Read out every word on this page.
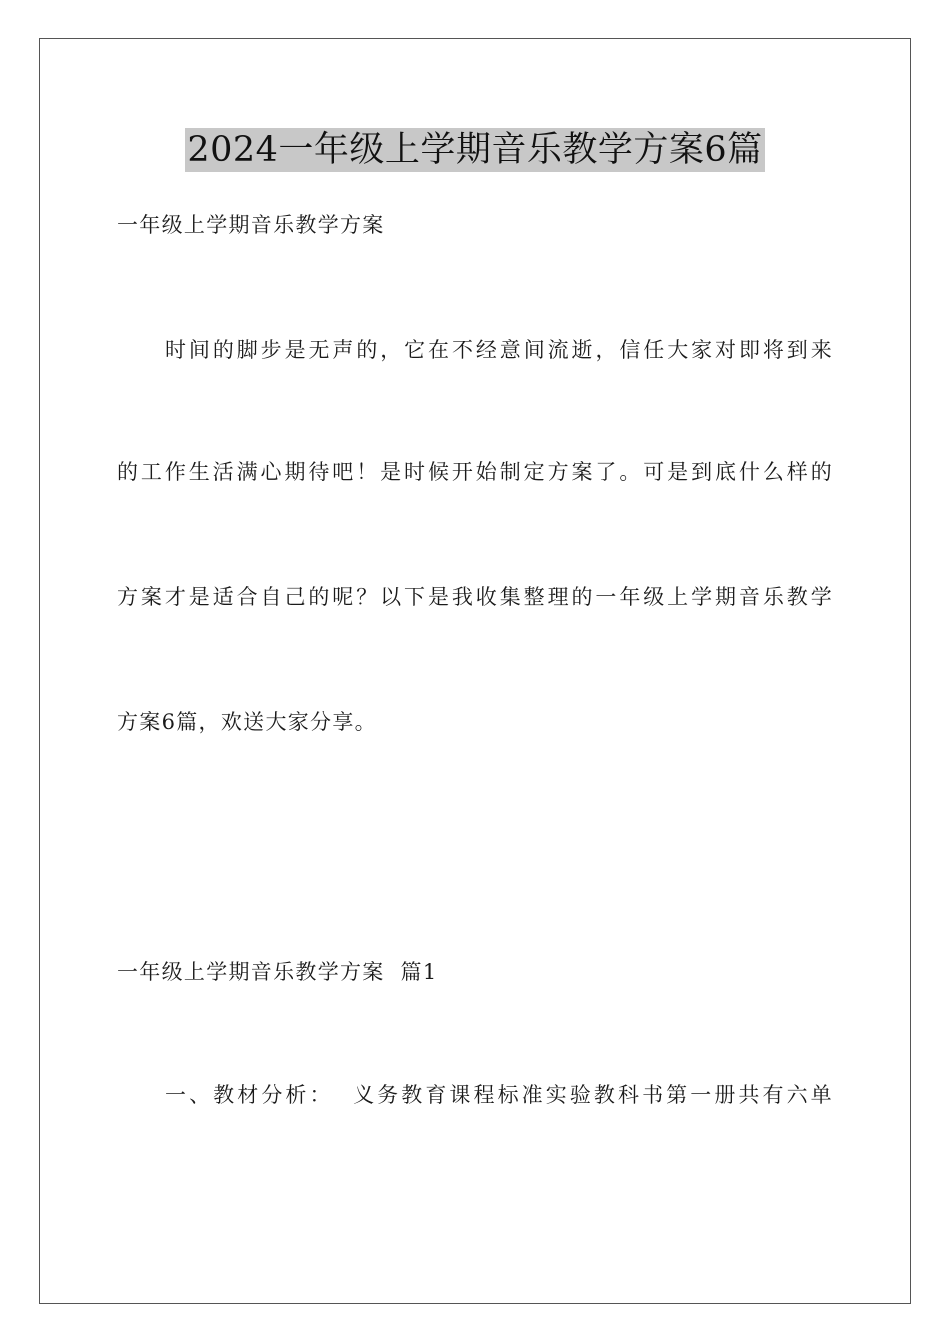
2024一年级上学期音乐教学方案6篇
一年级上学期音乐教学方案
时间的脚步是无声的，它在不经意间流逝，信任大家对即将到来
的工作生活满心期待吧！是时候开始制定方案了。可是到底什么样的
方案才是适合自己的呢？以下是我收集整理的一年级上学期音乐教学
方案6篇，欢送大家分享。
一年级上学期音乐教学方案  篇1
一、教材分析：  义务教育课程标准实验教科书第一册共有六单
